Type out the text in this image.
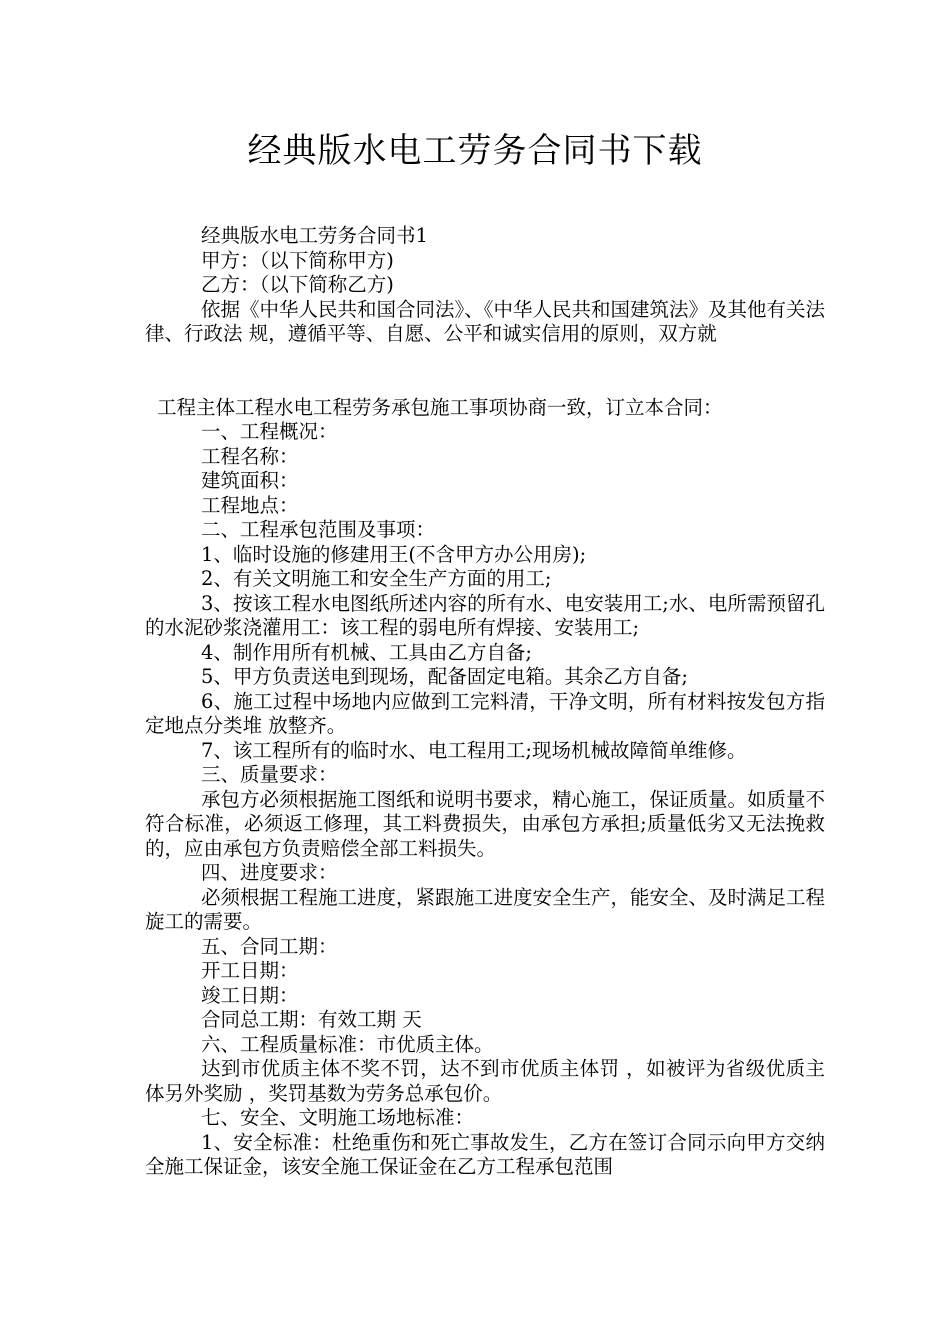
经典版水电工劳务合同书下载
经典版水电工劳务合同书1
甲方：（以下简称甲方)
乙方：（以下简称乙方)
依据《中华人民共和国合同法》、《中华人民共和国建筑法》及其他有关法律、行政法 规，遵循平等、自愿、公平和诚实信用的原则，双方就
工程主体工程水电工程劳务承包施工事项协商一致，订立本合同：
一、工程概况：
工程名称：
建筑面积：
工程地点：
二、工程承包范围及事项：
1、临时设施的修建用王(不含甲方办公用房);
2、有关文明施工和安全生产方面的用工;
3、按该工程水电图纸所述内容的所有水、电安装用工;水、电所需预留孔的水泥砂浆浇灌用工：该工程的弱电所有焊接、安装用工;
4、制作用所有机械、工具由乙方自备;
5、甲方负责送电到现场，配备固定电箱。其余乙方自备;
6、施工过程中场地内应做到工完料清，干净文明，所有材料按发包方指定地点分类堆 放整齐。
7、该工程所有的临时水、电工程用工;现场机械故障简单维修。
三、质量要求：
承包方必须根据施工图纸和说明书要求，精心施工，保证质量。如质量不符合标准，必须返工修理，其工料费损失，由承包方承担;质量低劣又无法挽救的，应由承包方负责赔偿全部工料损失。
四、进度要求：
必须根据工程施工进度，紧跟施工进度安全生产，能安全、及时满足工程旋工的需要。
五、合同工期：
开工日期：
竣工日期：
合同总工期：有效工期 天
六、工程质量标准：市优质主体。
达到市优质主体不奖不罚，达不到市优质主体罚 ，如被评为省级优质主体另外奖励 ，奖罚基数为劳务总承包价。
七、安全、文明施工场地标准：
1、安全标准：杜绝重伤和死亡事故发生，乙方在签订合同示向甲方交纳全施工保证金，该安全施工保证金在乙方工程承包范围
